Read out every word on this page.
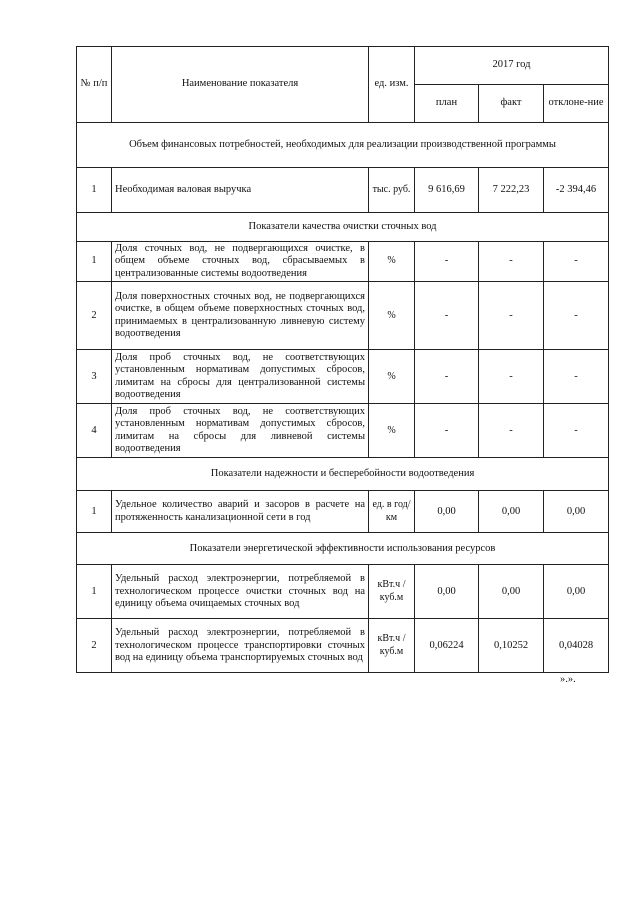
№ п/п	Наименование показателя	ед. изм.	2017 год		
			план	факт	отклоне-ние
Объем финансовых потребностей, необходимых для реализации производственной программы					
1	Необходимая валовая выручка	тыс. руб.	9 616,69	7 222,23	-2 394,46
Показатели качества очистки сточных вод					
1	Доля сточных вод, не подвергающихся очистке, в общем объеме сточных вод, сбрасываемых в централизованные системы водоотведения	%	-	-	-
2	Доля поверхностных сточных вод, не подвергающихся очистке, в общем объеме поверхностных сточных вод, принимаемых в централизованную ливневую систему водоотведения	%	-	-	-
3	Доля проб сточных вод, не соответствующих установленным нормативам допустимых сбросов, лимитам на сбросы для централизованной системы водоотведения	%	-	-	-
4	Доля проб сточных вод, не соответствующих установленным нормативам допустимых сбросов, лимитам на сбросы для ливневой системы водоотведения	%	-	-	-
Показатели надежности и бесперебойности водоотведения					
1	Удельное количество аварий и засоров в расчете на протяженность канализационной сети в год	ед. в год/ км	0,00	0,00	0,00
Показатели энергетической эффективности использования ресурсов					
1	Удельный расход электроэнергии, потребляемой в технологическом процессе очистки сточных вод на единицу объема очищаемых сточных вод	кВт.ч / куб.м	0,00	0,00	0,00
2	Удельный расход электроэнергии, потребляемой в технологическом процессе транспортировки сточных вод на единицу объема транспортируемых сточных вод	кВт.ч / куб.м	0,06224	0,10252	0,04028
».».
